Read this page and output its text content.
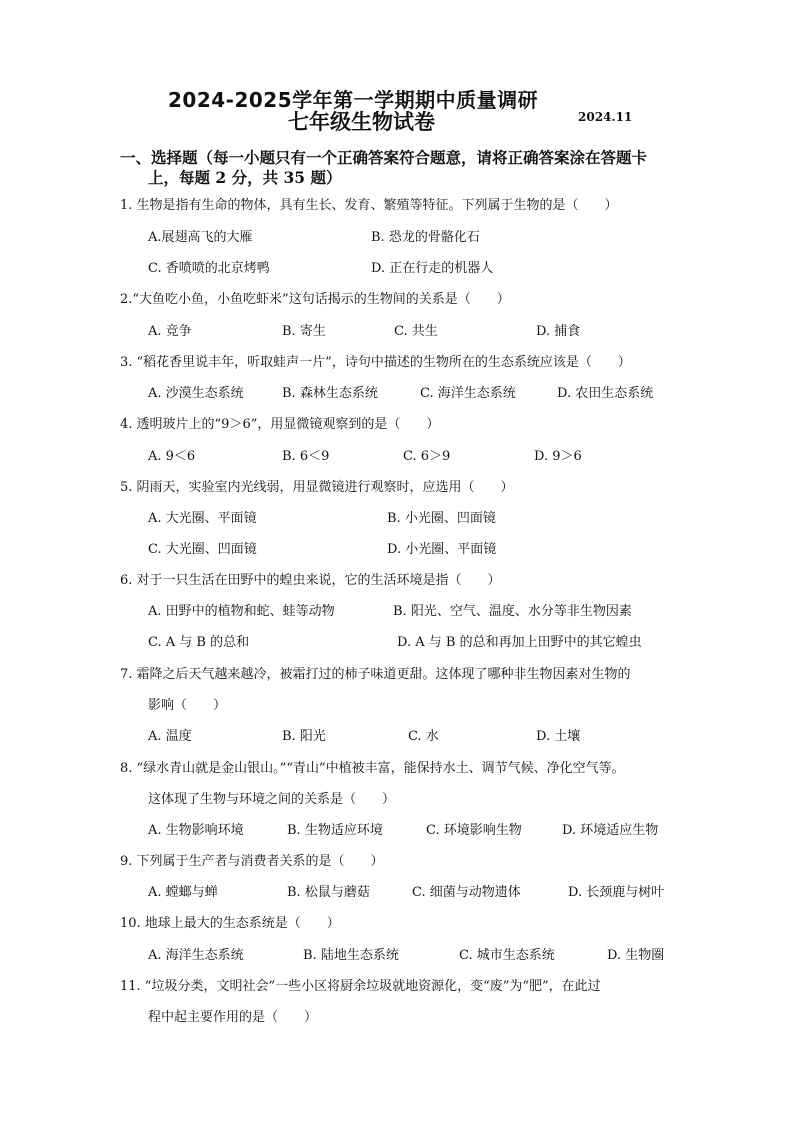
2024-2025学年第一学期期中质量调研
七年级生物试卷	2024.11
一、选择题（每一小题只有一个正确答案符合题意，请将正确答案涂在答题卡
上，每题 2 分，共 35 题）
1. 生物是指有生命的物体，具有生长、发育、繁殖等特征。下列属于生物的是（　　）
A.展翅高飞的大雁	B. 恐龙的骨骼化石
C. 香喷喷的北京烤鸭	D. 正在行走的机器人
2.“大鱼吃小鱼，小鱼吃虾米”这句话揭示的生物间的关系是（　　）
A. 竞争	B. 寄生	C. 共生	D. 捕食
3. “稻花香里说丰年，听取蛙声一片”，诗句中描述的生物所在的生态系统应该是（　　）
A. 沙漠生态系统	B. 森林生态系统	C. 海洋生态系统	D. 农田生态系统
4. 透明玻片上的“9＞6”，用显微镜观察到的是（　　）
A. 9＜6	B. 6＜9	C. 6＞9	D. 9＞6
5. 阴雨天，实验室内光线弱，用显微镜进行观察时，应选用（　　）
A. 大光圈、平面镜	B. 小光圈、凹面镜
C. 大光圈、凹面镜	D. 小光圈、平面镜
6. 对于一只生活在田野中的蝗虫来说，它的生活环境是指（　　）
A. 田野中的植物和蛇、蛙等动物	B. 阳光、空气、温度、水分等非生物因素
C. A 与 B 的总和	D. A 与 B 的总和再加上田野中的其它蝗虫
7. 霜降之后天气越来越冷，被霜打过的柿子味道更甜。这体现了哪种非生物因素对生物的
影响（　　）
A. 温度	B. 阳光	C. 水	D. 土壤
8. “绿水青山就是金山银山。”“青山”中植被丰富，能保持水土、调节气候、净化空气等。
这体现了生物与环境之间的关系是（　　）
A. 生物影响环境	B. 生物适应环境	C. 环境影响生物	D. 环境适应生物
9. 下列属于生产者与消费者关系的是（　　）
A. 螳螂与蝉	B. 松鼠与蘑菇	C. 细菌与动物遗体	D. 长颈鹿与树叶
10. 地球上最大的生态系统是（　　）
A. 海洋生态系统	B. 陆地生态系统	C. 城市生态系统	D. 生物圈
11. “垃圾分类，文明社会”一些小区将厨余垃圾就地资源化，变“废”为“肥”，在此过
程中起主要作用的是（　　）
